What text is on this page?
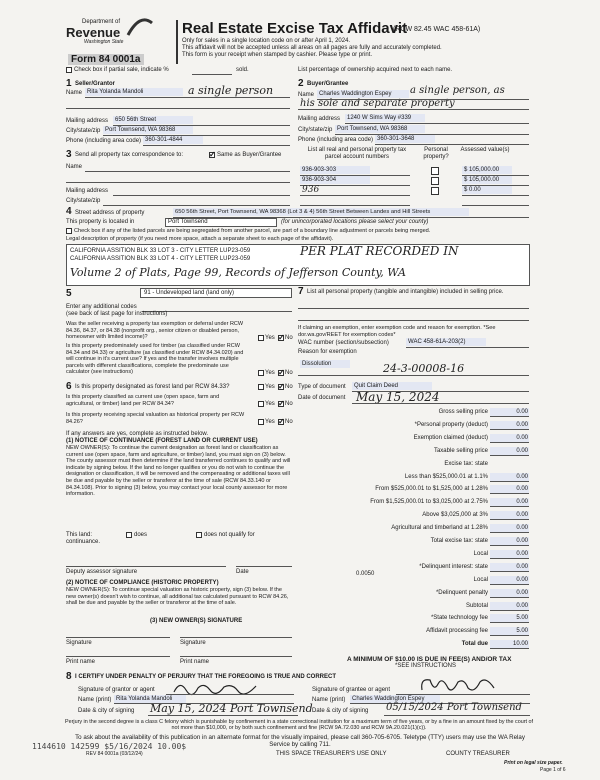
Department of
Revenue
Washington State
Form 84 0001a
Real Estate Excise Tax Affidavit
(RCW 82.45 WAC 458-61A)
Only for sales in a single location code on or after April 1, 2024.
This affidavit will not be accepted unless all areas on all pages are fully and accurately completed.
This form is your receipt when stamped by cashier. Please type or print.
Check box if partial sale, indicate %	sold.	List percentage of ownership acquired next to each name.
1 Seller/Grantor
Name Rita Yolanda Mandoli	a single person
Mailing address 650 56th Street
City/state/zip Port Townsend, WA 98368
Phone (including area code) 360-301-4844
2 Buyer/Grantee
Name Charles Waddington Espey a single person, as
his sole and separate property
Mailing address 1240 W Sims Way #339
City/state/zip Port Townsend, WA 98368
Phone (including area code) 360-301-3648
3 Send all property tax correspondence to: ✓	Same as Buyer/Grantee
Name
Mailing address
City/state/zip
List all real and personal property tax parcel account numbers
Personal property?
Assessed value(s)
936-903-303	$ 105,000.00
936-903-304	$ 105,000.00
936	$ 0.00
4 Street address of property	650 56th Street, Port Townsend, WA 98368 (Lot 3 & 4) 56th Street Between Landes and Hill Streets
This property is located in	Port Townsend	(for unincorporated locations please select your county)
Check box if any of the listed parcels are being segregated from another parcel, are part of a boundary line adjustment or parcels being merged.
Legal description of property (if you need more space, attach a separate sheet to each page of the affidavit).
CALIFORNIA ASSITION BLK 33 LOT 3 - CITY LETTER LUP23-059
CALIFORNIA ASSITION BLK 33 LOT 4 - CITY LETTER LUP23-059
PER PLAT RECORDED IN
Volume 2 of Plats, Page 99, Records of Jefferson County, WA
5	91 - Undeveloped land (land only)
Enter any additional codes
(see back of last page for instructions)
Was the seller receiving a property tax exemption or deferral under RCW 84.36, 84.37, or 84.38 (nonprofit org., senior citizen or disabled person, homeowner with limited income)?	Yes ✓ No
Is this property predominately used for timber (as classified under RCW 84.34 and 84.33) or agriculture (as classified under RCW 84.34.020) and will continue in it's current use? If yes and the transfer involves multiple parcels with different classifications, complete the predominate use calculator (see instructions)	Yes ✓ No
6 Is this property designated as forest land per RCW 84.33?	Yes ✓ No
Is this property classified as current use (open space, farm and agricultural, or timber) land per RCW 84.34?	Yes ✓ No
Is this property receiving special valuation as historical property per RCW 84.26?	Yes ✓ No
If any answers are yes, complete as instructed below.
(1) NOTICE OF CONTINUANCE (FOREST LAND OR CURRENT USE)
NEW OWNER(S): To continue the current designation as forest land or classification as current use (open space, farm and agriculture, or timber) land, you must sign on (3) below. The county assessor must then determine if the land transferred continues to qualify and will indicate by signing below. If the land no longer qualifies or you do not wish to continue the designation or classification, it will be removed and the compensating or additional taxes will be due and payable by the seller or transferor at the time of sale (RCW 84.33.140 or 84.34.108). Prior to signing (3) below, you may contact your local county assessor for more information.
This land:	does	does not qualify for
continuance.
Deputy assessor signature	Date
(2) NOTICE OF COMPLIANCE (HISTORIC PROPERTY)
NEW OWNER(S): To continue special valuation as historic property, sign (3) below. If the new owner(s) doesn't wish to continue, all additional tax calculated pursuant to RCW 84.26, shall be due and payable by the seller or transferor at the time of sale.
(3) NEW OWNER(S) SIGNATURE
Signature	Signature
Print name	Print name
7 List all personal property (tangible and intangible) included in selling price.
If claiming an exemption, enter exemption code and reason for exemption. *See dor.wa.gov/REET for exemption codes*
WAC number (section/subsection)	WAC 458-61A-203(2)
Reason for exemption
Dissolution	24-3-00008-16
Type of document Quit Claim Deed
Date of document May 15, 2024
Gross selling price	0.00
*Personal property (deduct)	0.00
Exemption claimed (deduct)	0.00
Taxable selling price	0.00
Excise tax: state
Less than $525,000.01 at 1.1%	0.00
From $525,000.01 to $1,525,000 at 1.28%	0.00
From $1,525,000.01 to $3,025,000 at 2.75%	0.00
Above $3,025,000 at 3%	0.00
Agricultural and timberland at 1.28%	0.00
Total excise tax: state	0.00
Local	0.00
*Delinquent interest: state	0.00
Local	0.00
*Delinquent penalty	0.00
Subtotal	0.00
*State technology fee	5.00
Affidavit processing fee	5.00
Total due	10.00
0.0050
A MINIMUM OF $10.00 IS DUE IN FEE(S) AND/OR TAX
*SEE INSTRUCTIONS
8 I CERTIFY UNDER PENALTY OF PERJURY THAT THE FOREGOING IS TRUE AND CORRECT
Signature of grantor or agent	Signature of grantee or agent
Name (print) Rita Yolanda Mandoli	Name (print) Charles Waddington Espey
Date & city of signing May 15, 2024 Port Townsend Date & city of signing 05/15/2024 Port Townsend
Perjury in the second degree is a class C felony which is punishable by confinement in a state correctional institution for a maximum term of five years, or by a fine in an amount fixed by the court of not more than $10,000, or by both such confinement and fine (RCW 9A.72.030 and RCW 9A.20.021(1)(c)).
To ask about the availability of this publication in an alternate format for the visually impaired, please call 360-705-6705. Teletype (TTY) users may use the WA Relay Service by calling 711.
REV 84 0001a (03/12/24)	THIS SPACE TREASURER'S USE ONLY	COUNTY TREASURER
1144610 142599 $5/16/2024 10.00$
Print on legal size paper.
Page 1 of 6
